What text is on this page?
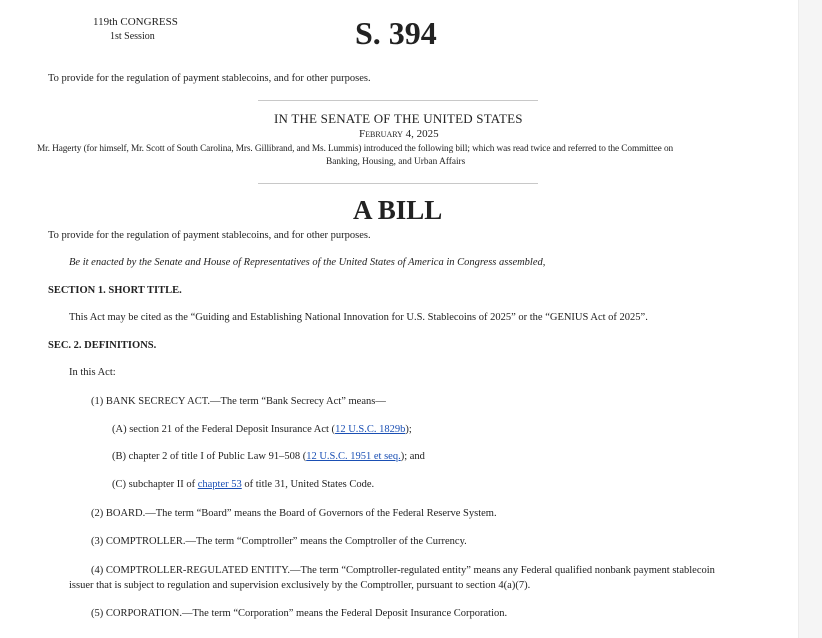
119th CONGRESS
1st Session	S. 394
To provide for the regulation of payment stablecoins, and for other purposes.
IN THE SENATE OF THE UNITED STATES
February 4, 2025
Mr. Hagerty (for himself, Mr. Scott of South Carolina, Mrs. Gillibrand, and Ms. Lummis) introduced the following bill; which was read twice and referred to the Committee on
Banking, Housing, and Urban Affairs
A BILL
To provide for the regulation of payment stablecoins, and for other purposes.
Be it enacted by the Senate and House of Representatives of the United States of America in Congress assembled,
SECTION 1. SHORT TITLE.
This Act may be cited as the “Guiding and Establishing National Innovation for U.S. Stablecoins of 2025” or the “GENIUS Act of 2025”.
SEC. 2. DEFINITIONS.
In this Act:
(1) BANK SECRECY ACT.—The term “Bank Secrecy Act” means—
(A) section 21 of the Federal Deposit Insurance Act (12 U.S.C. 1829b);
(B) chapter 2 of title I of Public Law 91–508 (12 U.S.C. 1951 et seq.); and
(C) subchapter II of chapter 53 of title 31, United States Code.
(2) BOARD.—The term “Board” means the Board of Governors of the Federal Reserve System.
(3) COMPTROLLER.—The term “Comptroller” means the Comptroller of the Currency.
(4) COMPTROLLER-REGULATED ENTITY.—The term “Comptroller-regulated entity” means any Federal qualified nonbank payment stablecoin
issuer that is subject to regulation and supervision exclusively by the Comptroller, pursuant to section 4(a)(7).
(5) CORPORATION.—The term “Corporation” means the Federal Deposit Insurance Corporation.
